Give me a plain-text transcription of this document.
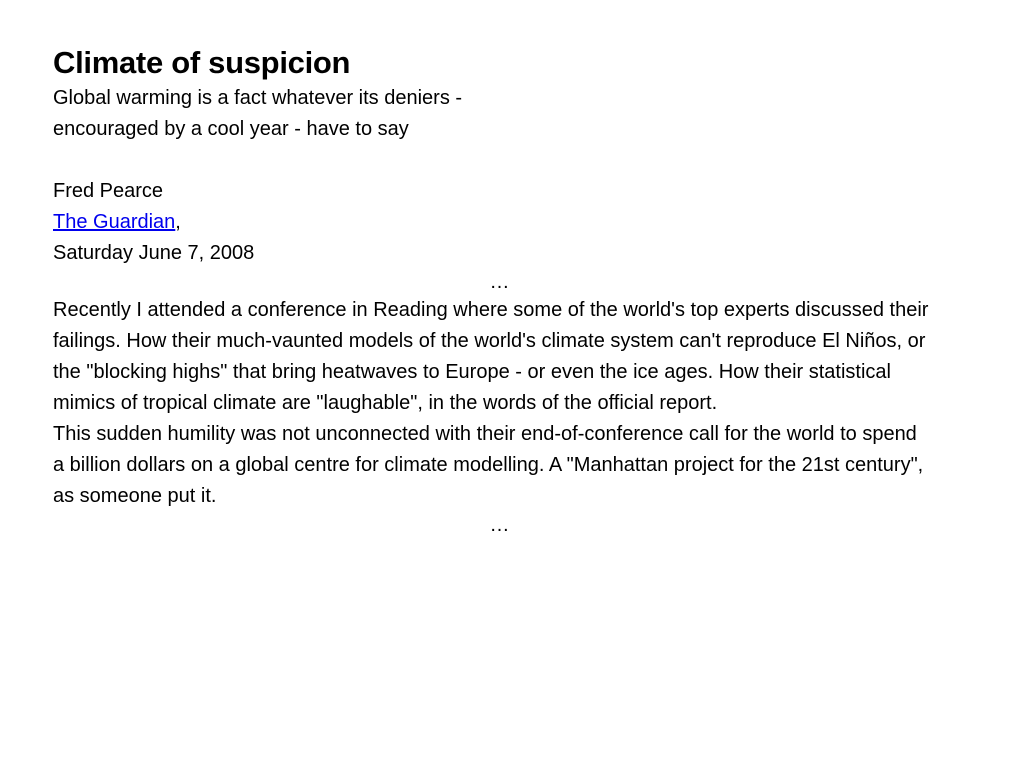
Climate of suspicion

Global warming is a fact whatever its deniers -

encouraged by a cool year - have to say

Fred Pearce

The Guardian,

Saturday June 7, 2008

…

Recently I attended a conference in Reading where some of the world's top experts discussed their failings. How their much-vaunted models of the world's climate system can't reproduce El Niños, or the "blocking highs" that bring heatwaves to Europe - or even the ice ages. How their statistical mimics of tropical climate are "laughable", in the words of the official report.

This sudden humility was not unconnected with their end-of-conference call for the world to spend a billion dollars on a global centre for climate modelling. A "Manhattan project for the 21st century", as someone put it.

…
